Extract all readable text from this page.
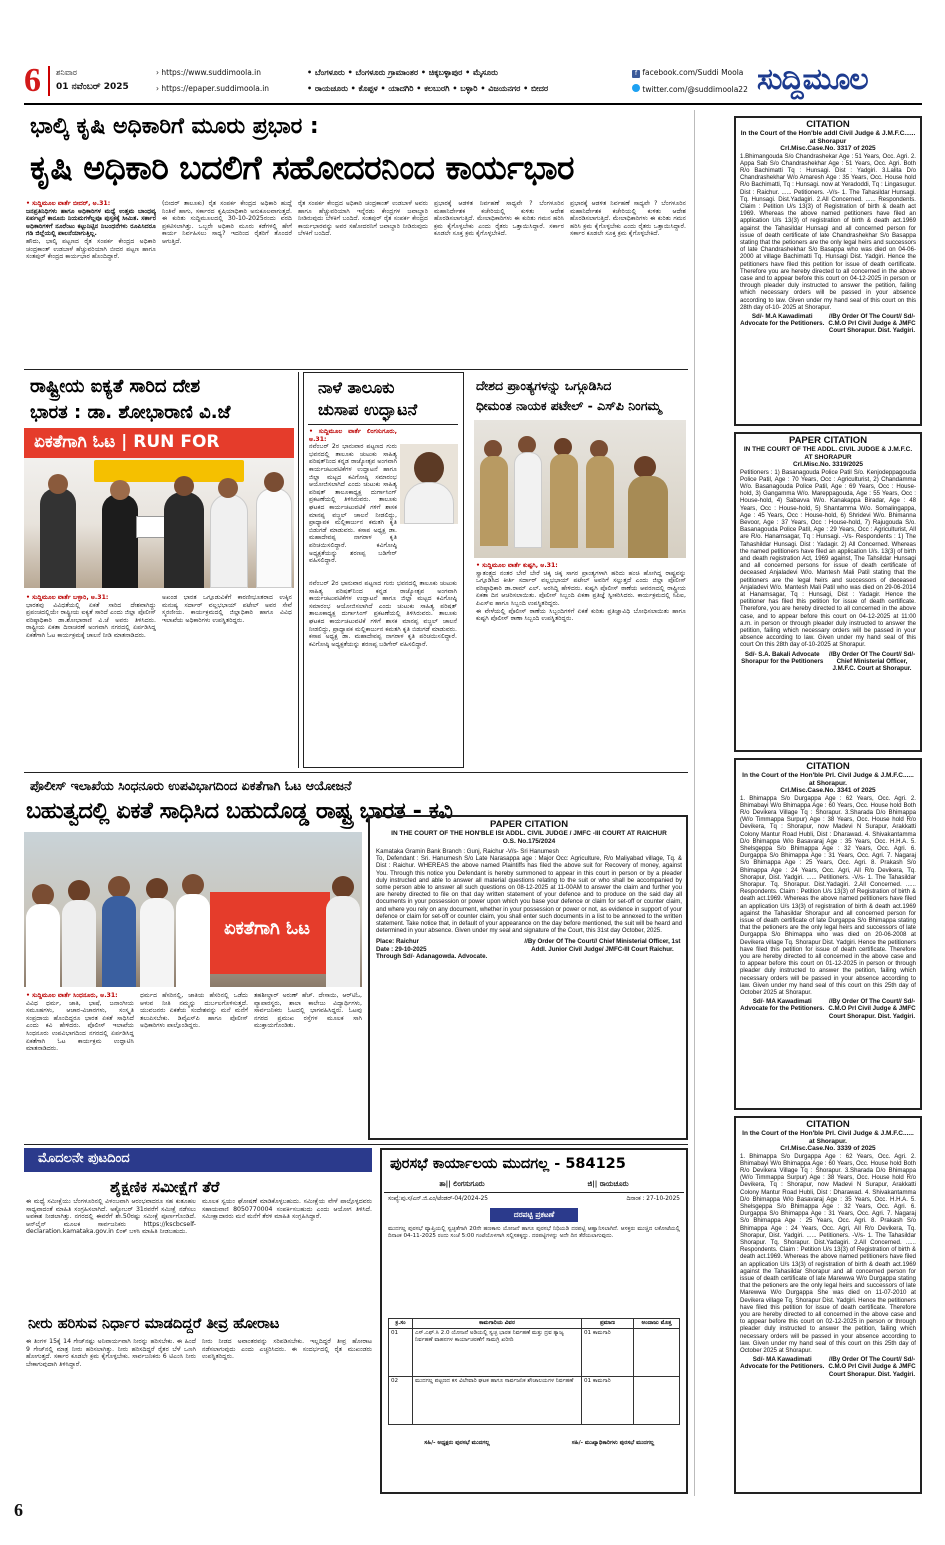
6 ಶನಿವಾರ
01 ನವೆಂಬರ್ 2025
› https://www.suddimoola.in
› https://epaper.suddimoola.in
• ಬೆಂಗಳೂರು • ಬೆಂಗಳೂರು ಗ್ರಾಮಾಂತರ • ಚಿಕ್ಕಬಳ್ಳಾಪುರ • ಮೈಸೂರು
• ರಾಯಚೂರು • ಕೊಪ್ಪಳ • ಯಾದಗಿರಿ • ಕಲಬುರಗಿ • ಬಳ್ಳಾರಿ • ವಿಜಯನಗರ • ಬೀದರ
f facebook.com/Suddi Moola
twitter.com/@suddimoola22 ಸುದ್ದಿಮೂಲ
ಭಾಲ್ಕಿ ಕೃಷಿ ಅಧಿಕಾರಿಗೆ ಮೂರು ಪ್ರಭಾರ :
ಕೃಷಿ ಅಧಿಕಾರಿ ಬದಲಿಗೆ ಸಹೋದರನಿಂದ ಕಾರ್ಯಭಾರ
• ಸುದ್ದಿಮೂಲ ವಾರ್ತೆ ಬೀದರ್, ಅ.31:
ಜನಪ್ರತಿನಿಧಿಗಳು ಹಾಗೂ ಅಧಿಕಾರಿಗಳ ಮಧ್ಯೆ ಉತ್ತಮ ಬಾಂಧವ್ಯ ಏರ್ಪಟ್ಟರೆ ಕಾನೂನು ನಿಯಮಗಳೆಲ್ಲವೂ ಪುಸ್ತಕಕ್ಕೆ ಸೀಮಿತ. ಸರ್ಕಾರ ಅಧಿಕಾರಿಗಳಿಗೆ ನೂರೆಂಟು ಕಟ್ಟುನಿಟ್ಟಿನ ನಿಬಂಧನೆಗಳು ರೂಪಿಸಿದರೂ ಗಡಿ ಜಿಲ್ಲೆಯಲ್ಲಿ ಪಾಲನೆಯಾಗುತ್ತಿಲ್ಲ.
ಹೌದು, ಭಾಲ್ಕಿ ಪಟ್ಟಣದ ರೈತ ಸಂಪರ್ಕ ಕೇಂದ್ರದ ಅಧಿಕಾರಿ ಚಂದ್ರಕಾಂತ್ ಉಡಬಾಳೆ ಹೆಚ್ಚುವರಿಯಾಗಿ ಬೀದರ ಪಟ್ಟಣ ಹಾಗೂ ಸಂತಪುರ್ ಕೇಂದ್ರದ ಕಾರ್ಯಭಾರ ಹೊಂದಿದ್ದಾರೆ.
(ಬೀದರ್ ತಾಲೂಕು) ರೈತ ಸಂಪರ್ಕ ಕೇಂದ್ರದ ಅಧಿಕಾರಿ ಹುದ್ದೆ ನಿಂತಿವೆ ಹಾಗು, ಸರ್ಕಾರದ ಕೃಷಿಯಾಧಿಕಾರಿ ಅನುಕೂಲವಾಗುತ್ತದೆ. ಈ ಕುರಿತು ಸುದ್ದಿಮೂಲದಲ್ಲಿ 30-10-2025ರಂದು ವರದಿ ಪ್ರಕಟಿಸಲಾಗಿತ್ತು. ಒಬ್ಬರೇ ಅಧಿಕಾರಿ ಮೂರು ಕಡೆಗಳಲ್ಲಿ ಹೇಗೆ ಕಾರ್ಯ ನಿರ್ವಹಿಸಲು ಸಾಧ್ಯ? ಇದರಿಂದ ರೈತರಿಗೆ ತೊಂದರೆ ಆಗುತ್ತಿದೆ.
ರೈತ ಸಂಪರ್ಕ ಕೇಂದ್ರದ ಅಧಿಕಾರಿ ಚಂದ್ರಕಾಂತ್ ಉಡಬಾಳೆ ಅವರು ಹಾಗೂ ಹೆಚ್ಚುವರಿಯಾಗಿ ಇನ್ನೆರಡು ಕೇಂದ್ರಗಳ ಜವಾಬ್ದಾರಿ ನೀಡಿರುವುದು ಬೆಳಕಿಗೆ ಬಂದಿದೆ. ಸಂತಪುರ್ ರೈತ ಸಂಪರ್ಕ ಕೇಂದ್ರದ ಕಾರ್ಯಭಾರವನ್ನು ಅವರ ಸಹೋದರನಿಗೆ ಜವಾಬ್ದಾರಿ ನೀಡಿರುವುದು ಬೆಳಕಿಗೆ ಬಂದಿದೆ.
ಪ್ರಭಾರಕ್ಕೆ ಆಡಳಿತ ನಿರ್ವಹಣೆ ಸಾಧ್ಯವೇ ? ಬೆಂಗಳೂರಿನ ಮಹಾನಿರ್ದೇಶಕ ಕಚೇರಿಯಲ್ಲಿ ಕುಳಿತು ಆದೇಶ ಹೊರಡಿಸಲಾಗುತ್ತಿದೆ. ಮೇಲಾಧಿಕಾರಿಗಳು ಈ ಕುರಿತು ಗಮನ ಹರಿಸಿ ಕ್ರಮ ಕೈಗೊಳ್ಳಬೇಕು ಎಂದು ರೈತರು ಒತ್ತಾಯಿಸಿದ್ದಾರೆ. ಸರ್ಕಾರ ಕೂಡಲೇ ಸೂಕ್ತ ಕ್ರಮ ಕೈಗೊಳ್ಳಬೇಕಿದೆ.
ಪ್ರಭಾರಕ್ಕೆ ಆಡಳಿತ ನಿರ್ವಹಣೆ ಸಾಧ್ಯವೇ ? ಬೆಂಗಳೂರಿನ ಮಹಾನಿರ್ದೇಶಕ ಕಚೇರಿಯಲ್ಲಿ ಕುಳಿತು ಆದೇಶ ಹೊರಡಿಸಲಾಗುತ್ತಿದೆ. ಮೇಲಾಧಿಕಾರಿಗಳು ಈ ಕುರಿತು ಗಮನ ಹರಿಸಿ ಕ್ರಮ ಕೈಗೊಳ್ಳಬೇಕು ಎಂದು ರೈತರು ಒತ್ತಾಯಿಸಿದ್ದಾರೆ. ಸರ್ಕಾರ ಕೂಡಲೇ ಸೂಕ್ತ ಕ್ರಮ ಕೈಗೊಳ್ಳಬೇಕಿದೆ.
ರಾಷ್ಟ್ರೀಯ ಐಕ್ಯತೆ ಸಾರಿದ ದೇಶ
ಭಾರತ : ಡಾ. ಶೋಭಾರಾಣಿ ವಿ.ಜೆ
ಏಕತೆಗಾಗಿ ಓಟ | RUN FOR
• ಸುದ್ದಿಮೂಲ ವಾರ್ತೆ ಬಳ್ಳಾರಿ, ಅ.31:
ಭಾರತವು ವಿವಿಧತೆಯಲ್ಲಿ ಏಕತೆ ಸಾರಿದ ದೇಶವಾಗಿದ್ದು ಪ್ರಪಂಚದಲ್ಲಿಯೇ ರಾಷ್ಟ್ರೀಯ ಐಕ್ಯತೆ ಸಾರಿದೆ ಎಂದು ಜಿಲ್ಲಾ ಪೊಲೀಸ್ ವರಿಷ್ಠಾಧಿಕಾರಿ ಡಾ.ಶೋಭಾರಾಣಿ ವಿ.ಜೆ ಅವರು ತಿಳಿಸಿದರು. ರಾಷ್ಟ್ರೀಯ ಏಕತಾ ದಿನಾಚರಣೆ ಅಂಗವಾಗಿ ನಗರದಲ್ಲಿ ಏರ್ಪಡಿಸಿದ್ದ ಏಕತೆಗಾಗಿ ಓಟ ಕಾರ್ಯಕ್ರಮಕ್ಕೆ ಚಾಲನೆ ನೀಡಿ ಮಾತನಾಡಿದರು.
ಅಖಂಡ ಭಾರತ ಒಗ್ಗೂಡುವಿಕೆಗೆ ಕಾರಣೀಭೂತರಾದ ಉಕ್ಕಿನ ಮನುಷ್ಯ ಸರ್ದಾರ್ ವಲ್ಲಭಭಾಯ್ ಪಟೇಲ್ ಅವರ ಸೇವೆ ಸ್ಮರಣೀಯ. ಕಾರ್ಯಕ್ರಮದಲ್ಲಿ ಜಿಲ್ಲಾಧಿಕಾರಿ ಹಾಗೂ ವಿವಿಧ ಇಲಾಖೆಯ ಅಧಿಕಾರಿಗಳು ಉಪಸ್ಥಿತರಿದ್ದರು.
ನಾಳೆ ತಾಲೂಕು
ಚುಸಾಪ ಉದ್ಘಾಟನೆ
• ಸುದ್ದಿಮೂಲ ವಾರ್ತೆ ಲಿಂಗಸುಗೂರು, ಅ.31:
ನವೆಂಬರ್ 2ರ ಭಾನುವಾರ ಪಟ್ಟಣದ ಗುರು ಭವನದಲ್ಲಿ ತಾಲೂಕು ಚುಟುಕು ಸಾಹಿತ್ಯ ಪರಿಷತ್‌ನಿಂದ ಕನ್ನಡ ರಾಜ್ಯೋತ್ಸವ ಅಂಗವಾಗಿ ಕಾರ್ಯಚಟುವಟಿಕೆಗಳ ಉದ್ಘಾಟನೆ ಹಾಗೂ ಜಿಲ್ಲಾ ಮಟ್ಟದ ಕವಿಗೋಷ್ಠಿ ಸಮಾರಂಭ ಆಯೋಜಿಸಲಾಗಿದೆ ಎಂದು ಚುಟುಕು ಸಾಹಿತ್ಯ ಪರಿಷತ್ ತಾಲೂಕಾಧ್ಯಕ್ಷ ದುರ್ಗಾಸಿಂಗ್ ಪ್ರಕಟಣೆಯಲ್ಲಿ ತಿಳಿಸಿರುವರು. ತಾಲೂಕು ಘಟಕದ ಕಾರ್ಯಚಟುವಟಿಕೆ ಗಳಿಗೆ ಶಾಸಕ ಮಾನಪ್ಪ ವಜ್ಜಲ್ ಚಾಲನೆ ನೀಡಲಿದ್ದು, ಪ್ರಾಧ್ಯಾಪಕ ಮಲ್ಲಿಕಾರ್ಜುನ ಕಮತಗಿ ಕೃತಿ ಬಿಡುಗಡೆ ಮಾಡುವರು. ಕಸಾಪ ಅಧ್ಯಕ್ಷ ಡಾ. ಮಹಾದೇವಪ್ಪ ನಾಗರಾಳ ಕೃತಿ ಪರಿಚಯಿಸಲಿದ್ದಾರೆ. ಕವಿಗೋಷ್ಠಿ ಅಧ್ಯಕ್ಷತೆಯನ್ನು ಶರಣಪ್ಪ ಬಡಿಗೇರ್ ವಹಿಸಲಿದ್ದಾರೆ.
ನವೆಂಬರ್ 2ರ ಭಾನುವಾರ ಪಟ್ಟಣದ ಗುರು ಭವನದಲ್ಲಿ ತಾಲೂಕು ಚುಟುಕು ಸಾಹಿತ್ಯ ಪರಿಷತ್‌ನಿಂದ ಕನ್ನಡ ರಾಜ್ಯೋತ್ಸವ ಅಂಗವಾಗಿ ಕಾರ್ಯಚಟುವಟಿಕೆಗಳ ಉದ್ಘಾಟನೆ ಹಾಗೂ ಜಿಲ್ಲಾ ಮಟ್ಟದ ಕವಿಗೋಷ್ಠಿ ಸಮಾರಂಭ ಆಯೋಜಿಸಲಾಗಿದೆ ಎಂದು ಚುಟುಕು ಸಾಹಿತ್ಯ ಪರಿಷತ್ ತಾಲೂಕಾಧ್ಯಕ್ಷ ದುರ್ಗಾಸಿಂಗ್ ಪ್ರಕಟಣೆಯಲ್ಲಿ ತಿಳಿಸಿರುವರು. ತಾಲೂಕು ಘಟಕದ ಕಾರ್ಯಚಟುವಟಿಕೆ ಗಳಿಗೆ ಶಾಸಕ ಮಾನಪ್ಪ ವಜ್ಜಲ್ ಚಾಲನೆ ನೀಡಲಿದ್ದು, ಪ್ರಾಧ್ಯಾಪಕ ಮಲ್ಲಿಕಾರ್ಜುನ ಕಮತಗಿ ಕೃತಿ ಬಿಡುಗಡೆ ಮಾಡುವರು. ಕಸಾಪ ಅಧ್ಯಕ್ಷ ಡಾ. ಮಹಾದೇವಪ್ಪ ನಾಗರಾಳ ಕೃತಿ ಪರಿಚಯಿಸಲಿದ್ದಾರೆ. ಕವಿಗೋಷ್ಠಿ ಅಧ್ಯಕ್ಷತೆಯನ್ನು ಶರಣಪ್ಪ ಬಡಿಗೇರ್ ವಹಿಸಲಿದ್ದಾರೆ.
ದೇಶದ ಪ್ರಾಂತ್ಯಗಳನ್ನು ಒಗ್ಗೂಡಿಸಿದ
ಧೀಮಂತ ನಾಯಕ ಪಟೇಲ್ - ಎಸ್‌ಪಿ ನಿಂಗಮ್ಮ
• ಸುದ್ದಿಮೂಲ ವಾರ್ತೆ ಕುಷ್ಟಗಿ, ಅ.31:
ಸ್ವಾತಂತ್ರ್ಯದ ನಂತರ ಬೇರೆ ಬೇರೆ ಚಿಕ್ಕ ಚಿಕ್ಕ ಸಾಗರ ಪ್ರಾಂತ್ಯಗಳಾಗಿ ಹರಿದು ಹಂಚಿ ಹೋಗಿದ್ದ ರಾಷ್ಟ್ರವನ್ನು ಒಗ್ಗೂಡಿಸಿದ ಕೀರ್ತಿ ಸರ್ದಾರ್ ವಲ್ಲಭಭಾಯ್ ಪಟೇಲ್ ಅವರಿಗೆ ಸಲ್ಲುತ್ತದೆ ಎಂದು ಜಿಲ್ಲಾ ಪೊಲೀಸ್ ವರಿಷ್ಠಾಧಿಕಾರಿ ಡಾ.ರಾಮ್ ಎಲ್. ಅರಸಿದ್ದಿ ಹೇಳಿದರು. ಕುಷ್ಟಗಿ ಪೊಲೀಸ್ ಠಾಣೆಯ ಆವರಣದಲ್ಲಿ ರಾಷ್ಟ್ರೀಯ ಏಕತಾ ದಿನ ಆಚರಿಸಲಾಯಿತು. ಪೊಲೀಸ್ ಸಿಬ್ಬಂದಿ ಏಕತಾ ಪ್ರತಿಜ್ಞೆ ಸ್ವೀಕರಿಸಿದರು. ಕಾರ್ಯಕ್ರಮದಲ್ಲಿ ಸಿಪಿಐ, ಪಿಎಸ್‌ಐ ಹಾಗೂ ಸಿಬ್ಬಂದಿ ಉಪಸ್ಥಿತರಿದ್ದರು.
ಈ ವೇಳೆಯಲ್ಲಿ ಪೊಲೀಸ್ ಠಾಣೆಯ ಸಿಬ್ಬಂದಿಗಳಿಗೆ ಏಕತೆ ಕುರಿತು ಪ್ರತಿಜ್ಞಾವಿಧಿ ಬೋಧಿಸಲಾಯಿತು ಹಾಗೂ ಕುಷ್ಟಗಿ ಪೊಲೀಸ್ ಠಾಣಾ ಸಿಬ್ಬಂದಿ ಉಪಸ್ಥಿತರಿದ್ದರು.
ಪೊಲೀಸ್ ಇಲಾಖೆಯ ಸಿಂಧನೂರು ಉಪವಿಭಾಗದಿಂದ ಏಕತೆಗಾಗಿ ಓಟ ಆಯೋಜನೆ
ಬಹುತ್ವದಲ್ಲಿ ಏಕತೆ ಸಾಧಿಸಿದ ಬಹುದೊಡ್ಡ ರಾಷ್ಟ್ರ ಭಾರತ - ಕವಿ
ಏಕತೆಗಾಗಿ ಓಟ
• ಸುದ್ದಿಮೂಲ ವಾರ್ತೆ ಸಿಂಧನೂರು, ಅ.31:
ವಿವಿಧ ಧರ್ಮ, ಜಾತಿ, ಭಾಷೆ, ಜನಾಂಗೀಯ ಸಮೂಹಗಳು, ಆಚಾರ-ವಿಚಾರಗಳು, ಸಂಸ್ಕೃತಿ ಸಂಪ್ರದಾಯ ಹೊಂದಿದ್ದರೂ ಭಾರತ ಏಕತೆ ಸಾಧಿಸಿದೆ ಎಂದು ಕವಿ ಹೇಳಿದರು. ಪೊಲೀಸ್ ಇಲಾಖೆಯ ಸಿಂಧನೂರು ಉಪವಿಭಾಗದಿಂದ ನಗರದಲ್ಲಿ ಏರ್ಪಡಿಸಿದ್ದ ಏಕತೆಗಾಗಿ ಓಟ ಕಾರ್ಯಕ್ರಮ ಉದ್ಘಾಟಿಸಿ ಮಾತನಾಡಿದರು.
ಧರ್ಮದ ಹೆಸರಿನಲ್ಲಿ, ಜಾತಿಯ ಹೆಸರಿನಲ್ಲಿ ಒಡೆದು ಆಳುವ ನೀತಿ ನಮ್ಮನ್ನು ದುರ್ಬಲಗೊಳಿಸುತ್ತದೆ. ಯುವಜನರು ಏಕತೆಯ ಸಂದೇಶವನ್ನು ಮನೆ ಮನೆಗೆ ತಲುಪಿಸಬೇಕು. ಡಿವೈಎಸ್‌ಪಿ ಹಾಗೂ ಪೊಲೀಸ್ ಅಧಿಕಾರಿಗಳು ಪಾಲ್ಗೊಂಡಿದ್ದರು.
ತಹಶೀಲ್ದಾರ್ ಅರುಣ್ ಹೆಚ್. ದೇಸಾಯಿ, ಆರ್‌ಟಿಓ, ವ್ಯಾಪಾರಸ್ಥರು, ಶಾಲಾ ಕಾಲೇಜು ವಿದ್ಯಾರ್ಥಿಗಳು, ಸಾರ್ವಜನಿಕರು ಓಟದಲ್ಲಿ ಭಾಗವಹಿಸಿದ್ದರು. ಓಟವು ನಗರದ ಪ್ರಮುಖ ರಸ್ತೆಗಳ ಮೂಲಕ ಸಾಗಿ ಮುಕ್ತಾಯಗೊಂಡಿತು.
PAPER CITATION
IN THE COURT OF THE HON'BLE ISt ADDL. CIVIL JUDGE / JMFC -III COURT AT RAICHUR
O.S. No.175/2024
Kamataka Gramin Bank Branch : Gunj, Raichur -V/s- Sri Hanumesh
To, Defendant : Sri. Hanumesh S/o Late Narasappa age : Major Occ: Agriculture, R/o Maliyabad village, Tq. & Dist : Raichur. WHEREAS the above named Plaintiffs has filed the above suit for Recovery of money, against You. Through this notice you Defendant is hereby summoned to appear in this court in person or by a pleader duly instructed and able to answer all material questions relating to the suit or who shall be accompanied by some person able to answer all such questions on 08-12-2025 at 11-00AM to answer the claim and further you are hereby directed to file on that day written statement of your defence and to produce on the said day all documents in your possession or power upon which you base your defence or claim for set-off or counter claim, and where you rely on any document, whether in your possession or power or not, as evidence in support of your defence or claim for set-off or counter claim, you shall enter such documents in a list to be annexed to the written statement. Take notice that, in default of your appearance on the day before mentioned, the suit will be heard and determined in your absence. Given under my seal and signature of the Court, this 31st day October, 2025.
Place: Raichur
Date : 29-10-2025
Through Sd/- Adanagowda. Advocate.
//By Order Of The Court// Chief Ministerial Officer, 1st Addl. Junior Civil Judge/ JMFC-III Court Raichur.
ಮೊದಲನೇ ಪುಟದಿಂದ
ಶೈಕ್ಷಣಿಕ ಸಮೀಕ್ಷೆಗೆ ತೆರೆ
ಈ ಮಧ್ಯೆ ಸಮೀಕ್ಷೆಯು ಬೆಂಗಳೂರಿನಲ್ಲಿ ವಿಳಂಬವಾಗಿ ಆರಂಭವಾದರೂ ಸಹ ಕುತೂಹಲ ಸಾಧ್ಯವಾದಂತೆ ಮಾಹಿತಿ ಸಂಗ್ರಹಿಸಲಾಗಿದೆ. ಅಕ್ಟೋಬರ್ 31ರವರೆಗೆ ಸಮೀಕ್ಷೆ ನಡೆಸಲು ಅವಕಾಶ ನೀಡಲಾಗಿತ್ತು. ನಗರದಲ್ಲಿ ಈವರೆಗೆ ಶೇ.50ರಷ್ಟು ಸಮೀಕ್ಷೆ ಪೂರ್ಣಗೊಂಡಿದೆ. ಆನ್‌ಲೈನ್ ಮೂಲಕ ಸಾರ್ವಜನಿಕರು https://kscbcself-declaration.kamataka.gov.in ಲಿಂಕ್ ಬಳಸಿ ಮಾಹಿತಿ ನೀಡಬಹುದು.
ಮೂಲಕ ಸ್ವಯಂ ಘೋಷಣೆ ಮಾಡಿಕೊಳ್ಳಬಹುದು. ಸಮೀಕ್ಷೆಯ ವೇಳೆ ಪಾಲ್ಗೊಳ್ಳದವರು ಸಹಾಯವಾಣಿ 8050770004 ಸಂಪರ್ಕಿಸಬಹುದು ಎಂದು ಆಯೋಗ ತಿಳಿಸಿದೆ. ಸಮೀಕ್ಷಾದಾರರು ಮನೆ ಮನೆಗೆ ತೆರಳಿ ಮಾಹಿತಿ ಸಂಗ್ರಹಿಸಿದ್ದಾರೆ.
ನೀರು ಹರಿಸುವ ನಿರ್ಧಾರ ಮಾಡದಿದ್ದರೆ ತೀವ್ರ ಹೋರಾಟ
ಈ ತಿಂಗಳ 15ಕ್ಕೆ 14 ಗೇಜ್‌ನಷ್ಟು ಅನಿವಾರ್ಯವಾಗಿ ನೀರನ್ನು ಹರಿಸಬೇಕು. ಈ ಹಿಂದೆ 9 ಗೇಜ್‌ನಲ್ಲಿ ಮಾತ್ರ ನೀರು ಹರಿಸಲಾಗಿತ್ತು. ನೀರು ಹರಿಸದಿದ್ದರೆ ರೈತರ ಬೆಳೆ ಒಣಗಿ ಹೋಗುತ್ತದೆ. ಸರ್ಕಾರ ಕೂಡಲೇ ಕ್ರಮ ಕೈಗೊಳ್ಳಬೇಕು. ಸಾರ್ವಜನಿಕರು 6 ಟಿಎಂಸಿ ನೀರು ಬೇಕಾಗುವುದಾಗಿ ತಿಳಿಸಿದ್ದಾರೆ.
ನೀರು ನೀಡದ ಅವಾಂತರವನ್ನು ಸರಿಪಡಿಸಬೇಕು. ಇಲ್ಲದಿದ್ದರೆ ತೀವ್ರ ಹೋರಾಟ ನಡೆಸಲಾಗುವುದು ಎಂದು ಎಚ್ಚರಿಸಿದರು. ಈ ಸಂದರ್ಭದಲ್ಲಿ ರೈತ ಮುಖಂಡರು ಉಪಸ್ಥಿತರಿದ್ದರು.
ಪುರಸಭೆ ಕಾರ್ಯಾಲಯ ಮುದಗಲ್ಲ - 584125
ತಾ|| ಲಿಂಗಸುಗೂರು	ಜಿ|| ರಾಯಚೂರು
ಸಂಖ್ಯೆ:ಪು.ಸ/ಎನ್.ಜಿ.ಎಂ/ಟೆಂಡರ್-04/2024-25	ದಿನಾಂಕ : 27-10-2025
ದರಪಟ್ಟಿ ಪ್ರಕಟಣೆ
ಮುದಗಲ್ಲ ಪುರಸಭೆ ವ್ಯಾಪ್ತಿಯಲ್ಲಿ ಸ್ವಚ್ಛತೆಗಾಗಿ 20ನೇ ಹಣಕಾಸು ಯೋಜನೆ ಹಾಗೂ ಪುರಸಭೆ ನಿಧಿಯಡಿ ದರಪಟ್ಟಿ ಆಹ್ವಾನಿಸಲಾಗಿದೆ. ಆಸಕ್ತರು ಮುಚ್ಚಿದ ಲಕೋಟೆಯಲ್ಲಿ ದಿನಾಂಕ 04-11-2025 ರಂದು ಸಂಜೆ 5:00 ಗಂಟೆಯೊಳಗಾಗಿ ಸಲ್ಲಿಸತಕ್ಕದ್ದು. ದರಪಟ್ಟಿಗಳನ್ನು ಅದೇ ದಿನ ತೆರೆಯಲಾಗುವುದು.
ಕ್ರ.ಸಂ	ಕಾಮಗಾರಿಯ ವಿವರ	ಪ್ರಮಾಣ	ಅಂದಾಜು ಮೊತ್ತ
01	ಎಸ್.ಎಫ್.ಸಿ 2.0 ಯೋಜನೆ ಅಡಿಯಲ್ಲಿ ಸ್ವಚ್ಛ ಭಾರತ ನಿರ್ವಹಣೆ ಮತ್ತು ದ್ರವ ತ್ಯಾಜ್ಯ ನಿರ್ವಹಣೆ ವಾಹನಗಳ ಕಾರ್ಯಾಚರಣೆಗೆ ಸಾಮಗ್ರಿ ಖರೀದಿ	01 ಕಾಮಗಾರಿ	
02	ಮುದಗಲ್ಲ ಪಟ್ಟಣದ ಕಸ ವಿಲೇವಾರಿ ಘಟಕ ಹಾಗೂ ಸಾರ್ವಜನಿಕ ಶೌಚಾಲಯಗಳ ನಿರ್ವಹಣೆ	01 ಕಾಮಗಾರಿ	
ಸಹಿ/- ಅಧ್ಯಕ್ಷರು ಪುರಸಭೆ ಮುದಗಲ್ಲ	ಸಹಿ/- ಮುಖ್ಯಾಧಿಕಾರಿಗಳು ಪುರಸಭೆ ಮುದಗಲ್ಲ
CITATION
In the Court of the Hon'ble addl Civil Judge & J.M.F.C...... at Shorapur
Crl.Misc.Case.No. 3317 of 2025
1.Bhimangouda S/o Chandrashekar Age : 51 Years, Occ. Agri. 2. Appa Sab S/o Chandrashekhar Age : 51 Years, Occ. Agri. Both R/o Bachimatti Tq : Hunsagi. Dist : Yadgiri. 3.Lalita D/o Chandrashekhar W/o Amaresh Age : 35 Years, Occ. House hold R/o Bachimatti, Tq : Hunsagi. now at Yeradoddi, Tq : Lingasugur. Dist : Raichur. ...... Petitioners. -V/s- 1. The Tahasildar Hunsagi. Tq. Hunsagi. Dist.Yadagiri. 2.All Concerned. ...... Respondents. Claim : Petition U/s 13(3) of Registration of birth & death act 1969. Whereas the above named petitioners have filed an application U/s 13(3) of registration of birth & death act.1969 against the Tahasildar Hunsagi and all concerned person for issue of death certificate of late Chandrashekhar S/o Basappa stating that the petioners are the only legal heirs and successors of late Chandrashekhar S/o Basappa who was died on 04-06-2000 at village Bachimatti Tq. Hunsagi Dist. Yadgiri. Hence the petitioners have filed this petition for issue of death certificate. Therefore you are hereby directed to all concerned in the above case and to appear before this court on 04-12-2025 in person or through pleader duly instructed to answer the petition, failing which necessary orders will be passed in your absence according to law. Given under my hand seal of this court on this 28th day of-10- 2025 at Shorapur.
Sd/- M.A Kawadimati Advocate for the Petitioners.
//By Order Of The Court// Sd/- C.M.O Prl Civil Judge & JMFC Court Shorapur. Dist. Yadgiri.
PAPER CITATION
IN THE COURT OF THE ADDL. CIVIL JUDGE & J.M.F.C. AT SHORAPUR
Crl.Misc.No. 3319/2025
Petitioners : 1) Basanagouda Police Patil S/o. Kenjodeppagouda Police Patil, Age : 70 Years, Occ : Agriculturist, 2) Chandamma W/o. Basanagouda Police Patil, Age : 69 Years, Occ : House-hold, 3) Gangamma W/o. Mareppagouda, Age : 55 Years, Occ : House-hold, 4) Sabavva W/o. Kanakappa Biradar, Age : 48 Years, Occ : House-hold, 5) Shantamma W/o. Somalingappa, Age : 45 Years, Occ : House-hold, 6) Shridevi W/o. Bhimanna Bevoor, Age : 37 Years, Occ : House-hold, 7) Rajugouda S/o. Basanagouda Police Patil, Age : 29 Years, Occ : Agriculturist, All are R/o. Hanamsagar, Tq : Hunsagi. -Vs- Respondents : 1) The Tahashildar Hunsagi. Dist : Yadagir. 2) All Concerned. Whereas the named petitioners have filed an application U/s. 13(3) of birth and death registration Act, 1969 against, The Tahsildar Hunsagi and all concerned persons for issue of death certificate of deceased Anjaladevi W/o. Mantesh Mali Patil stating that the petitioners are the legal heirs and successors of deceased Anjaladevi W/o. Mantesh Mali Patil who was died on 29-06-2014 at Hanamsagar, Tq : Hunsagi, Dist : Yadagir. Hence the petitioner has filed this petition for issue of death certificate. Therefore, you are hereby directed to all concerned in the above case, and to appear before this court on 04-12-2025 at 11:00 a.m. in person or through pleader duly instructed to answer the petition, failing which necessary orders will be passed in your absence according to law. Given under my hand seal of this court On this 28th day of-10-2025 at Shorapur.
Sd/- S.A. Bakali Advocate Shorapur for the Petitioners
//By Order Of The Court// Sd/- Chief Ministerial Officer, J.M.F.C. Court at Shorapur.
CITATION
In the Court of the Hon'ble Prl. Civil Judge & J.M.F.C...... at Shorapur.
Crl.Misc.Case.No. 3341 of 2025
1. Bhimappa S/o Durgappa Age : 62 Years, Occ. Agri. 2. Bhimabayi W/o Bhimappa Age : 60 Years, Occ. House hold Both R/o Devikera Village Tq : Shorapur. 3.Sharada D/o Bhimappa (W/o Timmappa Surpur) Age : 38 Years, Occ. House hold R/o Devikera, Tq : Shorapur, now Madevi N Surapur, Arakkatti Colony Mantur Road Hubli, Dist : Dharawad. 4. Shivakantamma D/o Bhimappa W/o Basavaraj Age : 35 Years, Occ. H.H.A. 5. Shelsgeppa S/o Bhimappa Age : 32 Years, Occ. Agri. 6. Durgappa S/o Bhimappa Age : 31 Years, Occ. Agri. 7. Nagaraj S/o Bhimappa Age : 25 Years, Occ. Agri. 8. Prakash S/o Bhimappa Age : 24 Years, Occ. Agri, All R/o Devikera, Tq. Shorapur, Dist. Yadgiri. ...... Petitioners. -V/s- 1. The Tahasildar Shorapur. Tq. Shorapur. Dist.Yadagiri. 2.All Concerned. ...... Respondents. Claim : Petition U/s 13(3) of Registration of birth & death act.1969. Whereas the above named petitioners have filed an application U/s 13(3) of registration of birth & death act.1969 against the Tahasildar Shorapur and all concerned person for issue of death certificate of late Durgappa S/o Bhimappa stating that the petioners are the only legal heirs and successors of late Durgappa S/o Bhimappa who was died on 20-06-2008 at Devikera village Tq. Shorapur Dist. Yadgiri. Hence the petitioners have filed this petition for issue of death certificate. Therefore you are hereby directed to all concerned in the above case and to appear before this court on 01-12-2025 in person or through pleader duly instructed to answer the petition, failing which necessary orders will be passed in your absence according to law. Given under my hand seal of this court on this 25th day of October 2025 at Shorapur.
Sd/- MA Kawadimati Advocate for the Petitioners.
//By Order Of The Court// Sd/- C.M.O Prl Civil Judge & JMFC Court Shorapur. Dist. Yadgiri.
CITATION
In the Court of the Hon'ble Prl. Civil Judge & J.M.F.C...... at Shorapur.
Crl.Misc.Case.No. 3339 of 2025
1. Bhimappa S/o Durgappa Age : 62 Years, Occ. Agri. 2. Bhimabayi W/o Bhimappa Age : 60 Years, Occ. House hold Both R/o Devikera Village Tq : Shorapur. 3.Sharada D/o Bhimappa (W/o Timmappa Surpur) Age : 38 Years, Occ. House hold R/o Devikera, Tq : Shorapur, now Madevi N Surapur, Arakkatti Colony Mantur Road Hubli, Dist : Dharawad. 4. Shivakantamma D/o Bhimappa W/o Basavaraj Age : 35 Years, Occ. H.H.A. 5. Shelsgeppa S/o Bhimappa Age : 32 Years, Occ. Agri. 6. Durgappa S/o Bhimappa Age : 31 Years, Occ. Agri. 7. Nagaraj S/o Bhimappa Age : 25 Years, Occ. Agri. 8. Prakash S/o Bhimappa Age : 24 Years, Occ. Agri, All R/o Devikera, Tq. Shorapur, Dist. Yadgiri. ...... Petitioners. -V/s- 1. The Tahasildar Shorapur. Tq. Shorapur. Dist.Yadagiri. 2.All Concerned. ...... Respondents. Claim : Petition U/s 13(3) of Registration of birth & death act.1969. Whereas the above named petitioners have filed an application U/s 13(3) of registration of birth & death act.1969 against the Tahasildar Shorapur and all concerned person for issue of death certificate of late Marewwa W/o Durgappa stating that the petioners are the only legal heirs and successors of late Marewwa W/o Durgappa She was died on 11-07-2010 at Devikera village Tq. Shorapur Dist. Yadgiri. Hence the petitioners have filed this petition for issue of death certificate. Therefore you are hereby directed to all concerned in the above case and to appear before this court on 02-12-2025 in person or through pleader duly instructed to answer the petition, failing which necessary orders will be passed in your absence according to law. Given under my hand seal of this court on this 25th day of October 2025 at Shorapur.
Sd/- MA Kawadimati Advocate for the Petitioners.
//By Order Of The Court// Sd/- C.M.O Prl Civil Judge & JMFC Court Shorapur. Dist. Yadgiri.
6
